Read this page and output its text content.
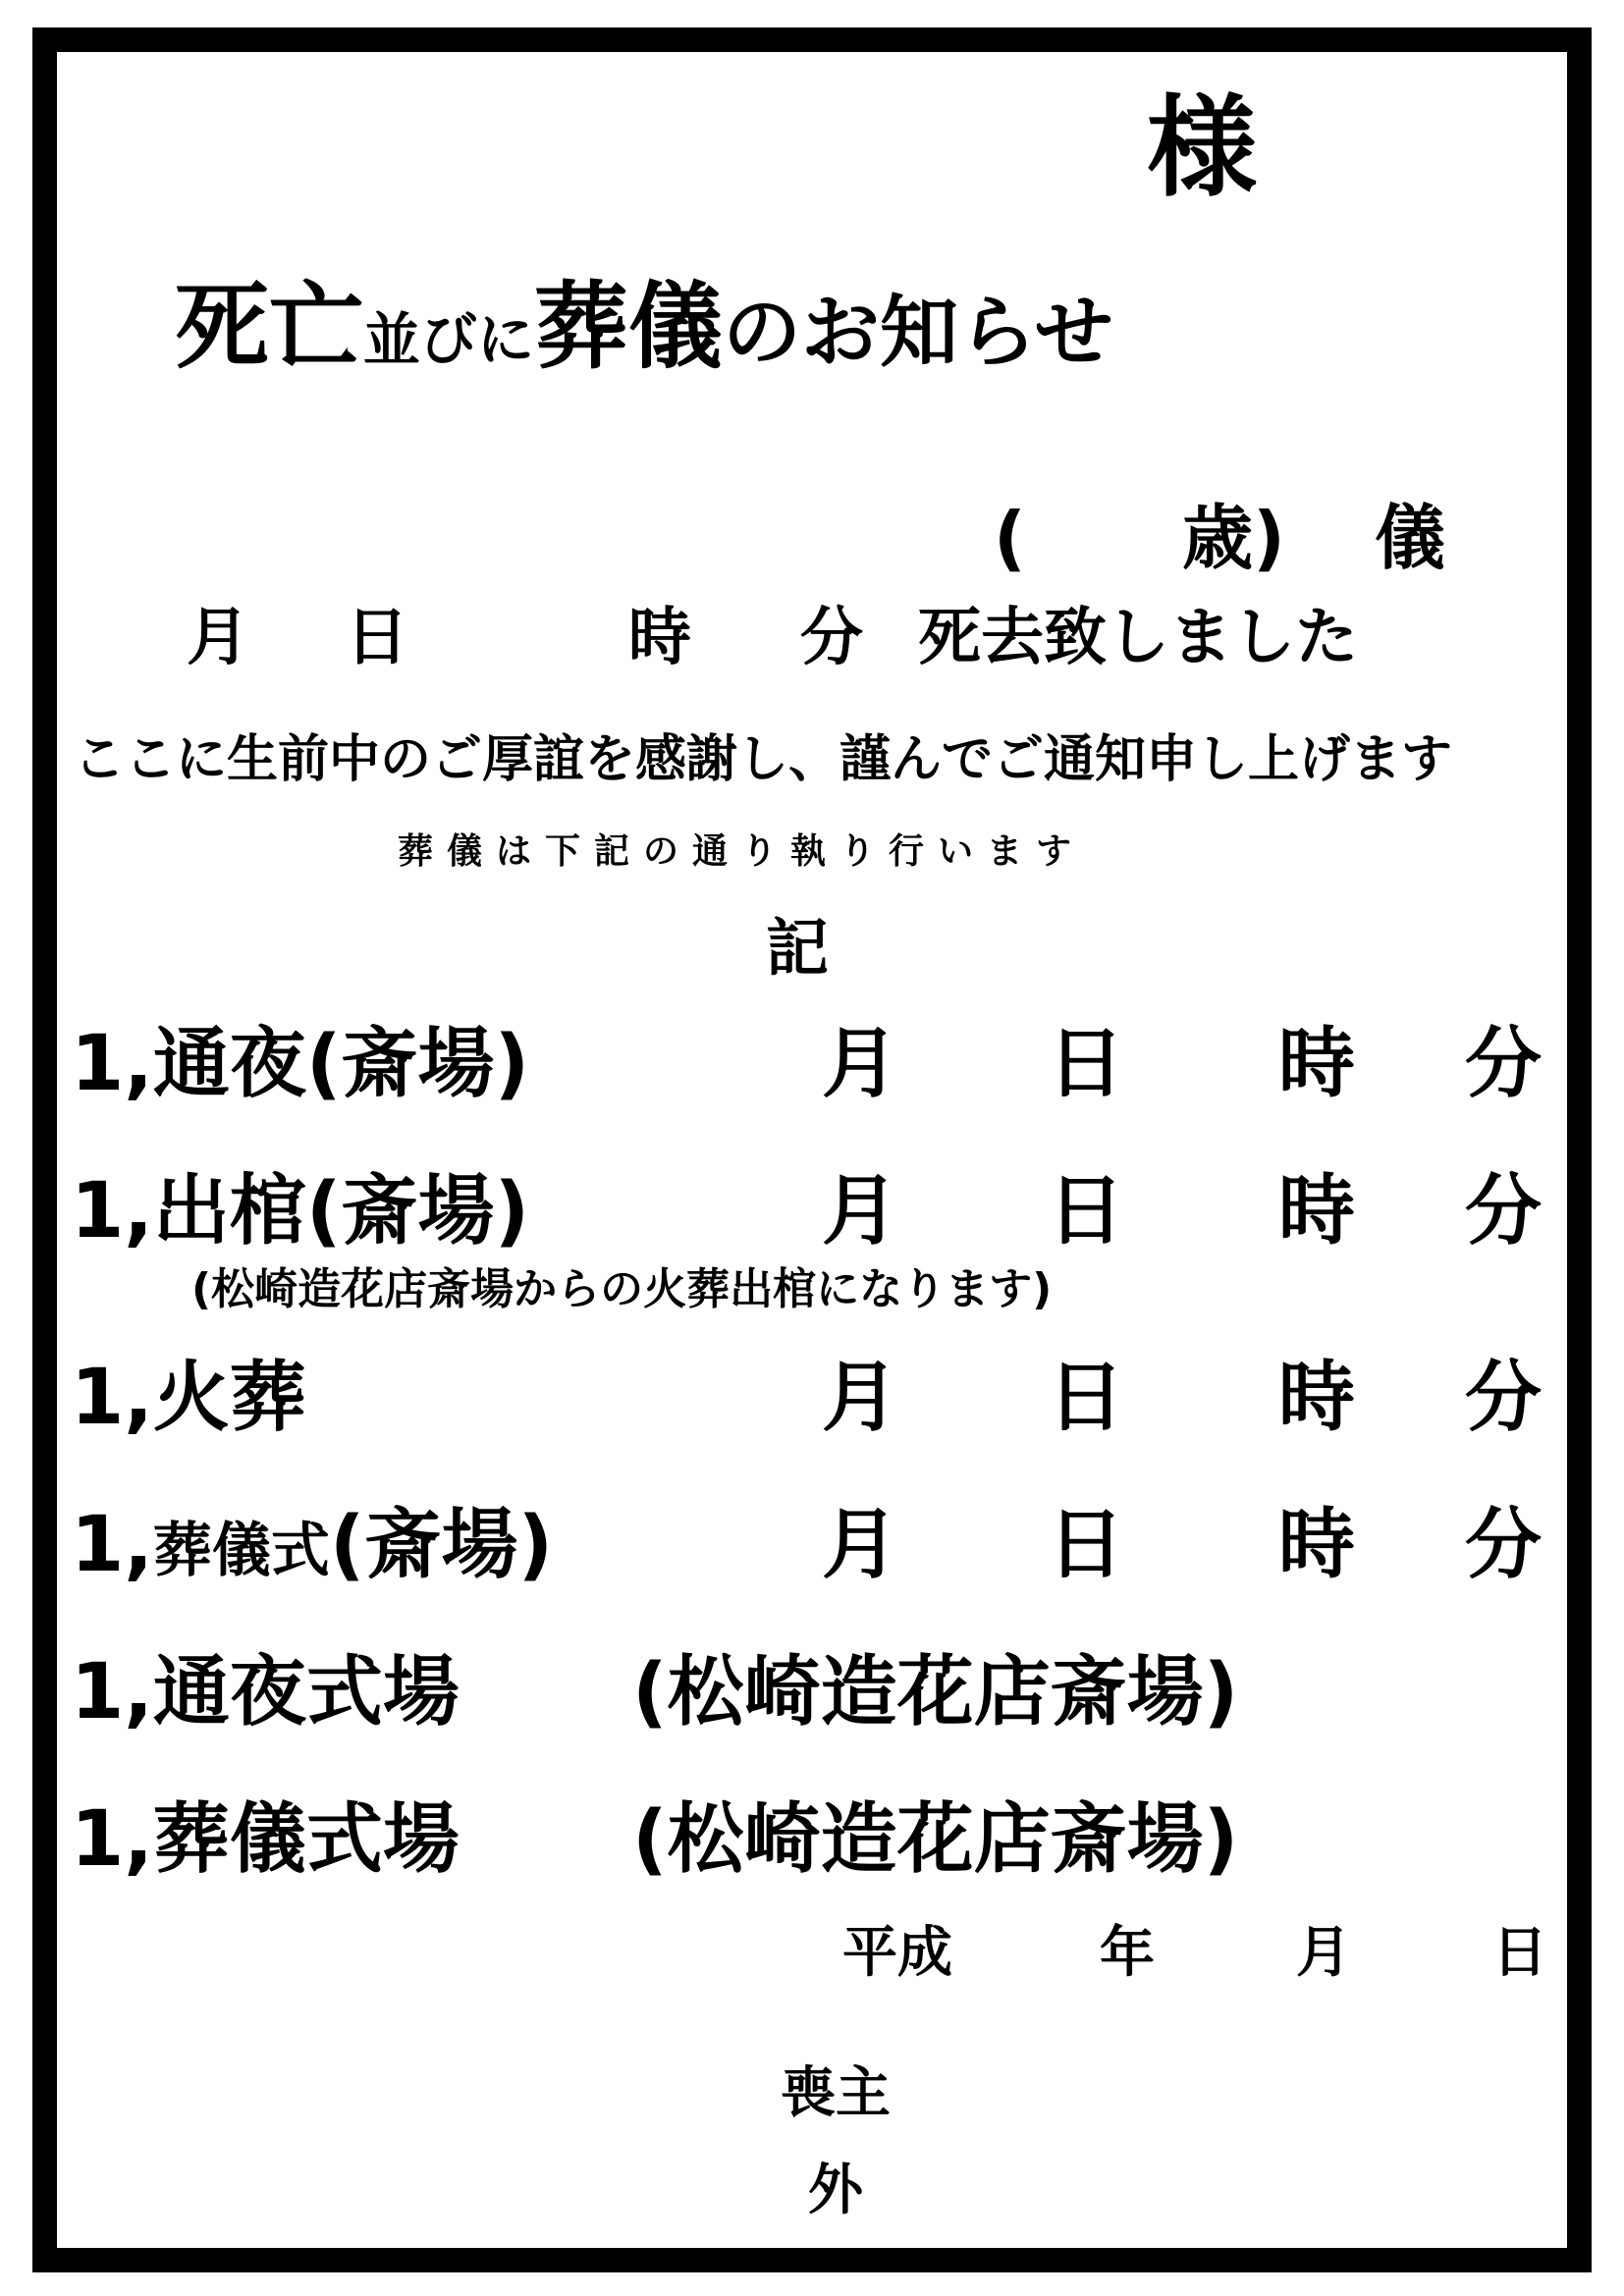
様
死亡並びに葬儀のお知らせ
( 歳) 儀
月 日	時 分 死去致しました
ここに生前中のご厚誼を感謝し、謹んでご通知申し上げます
葬儀は下記の通り執り行います
記
1,通夜(斎場)	月 日 時 分
1,出棺(斎場)	月 日 時 分
(松崎造花店斎場からの火葬出棺になります)
1,火葬	月 日 時 分
1,葬儀式(斎場)	月 日 時 分
1,通夜式場 (松崎造花店斎場)
1,葬儀式場 (松崎造花店斎場)
平成	年	月	日
喪主
外
